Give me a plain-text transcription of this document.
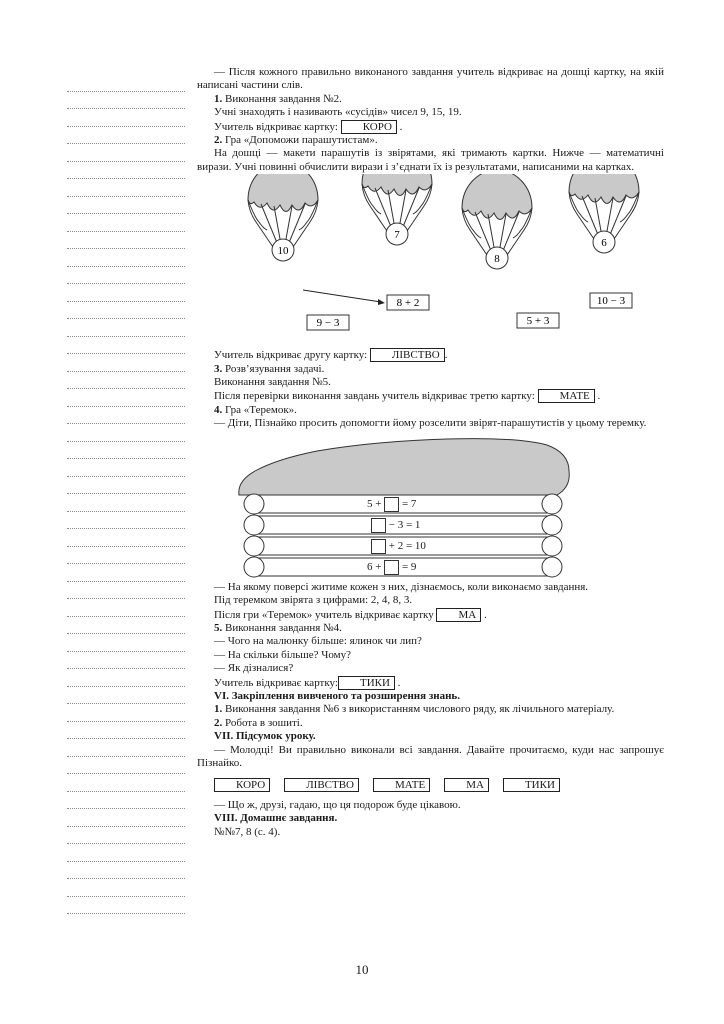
— Після кожного правильно виконаного завдання учитель відкриває на дошці картку, на якій написані частини слів.

1. Виконання завдання №2.

Учні знаходять і називають «сусідів» чисел 9, 15, 19.

Учитель відкриває картку: КОРО .

2. Гра «Допоможи парашутистам».

На дошці — макети парашутів із звірятами, які тримають картки. Нижче — математичні вирази. Учні повинні обчислити вирази і з’єднати їх із результатами, написаними на картках.

10
7
8
6
8 + 2
9 − 3	5 + 3
10 − 3

Учитель відкриває другу картку: ЛІВСТВО .

3. Розв’язування задачі.

Виконання завдання №5.

Після перевірки виконання завдань учитель відкриває третю картку: МАТЕ .

4. Гра «Теремок».

— Діти, Пізнайко просить допомогти йому розселити звірят-парашутистів у цьому теремку.

5 + = 7
− 3 = 1
+ 2 = 10
6 + = 9

— На якому поверсі житиме кожен з них, дізнаємось, коли виконаємо завдання.

Під теремком звірята з цифрами: 2, 4, 8, 3.

Після гри «Теремок» учитель відкриває картку МА .

5. Виконання завдання №4.

— Чого на малюнку більше: ялинок чи лип?

— На скільки більше? Чому?

— Як дізналися?

Учитель відкриває картку: ТИКИ .

VI. Закріплення вивченого та розширення знань.

1. Виконання завдання №6 з використанням числового ряду, як лічильного матеріалу.

2. Робота в зошиті.

VII. Підсумок уроку.

— Молодці! Ви правильно виконали всі завдання. Давайте прочитаємо, куди нас запрошує Пізнайко.

КОРО	ЛІВСТВО	МАТЕ	МА	ТИКИ

— Що ж, друзі, гадаю, що ця подорож буде цікавою.

VIII. Домашнє завдання.

№№7, 8 (с. 4).

10
